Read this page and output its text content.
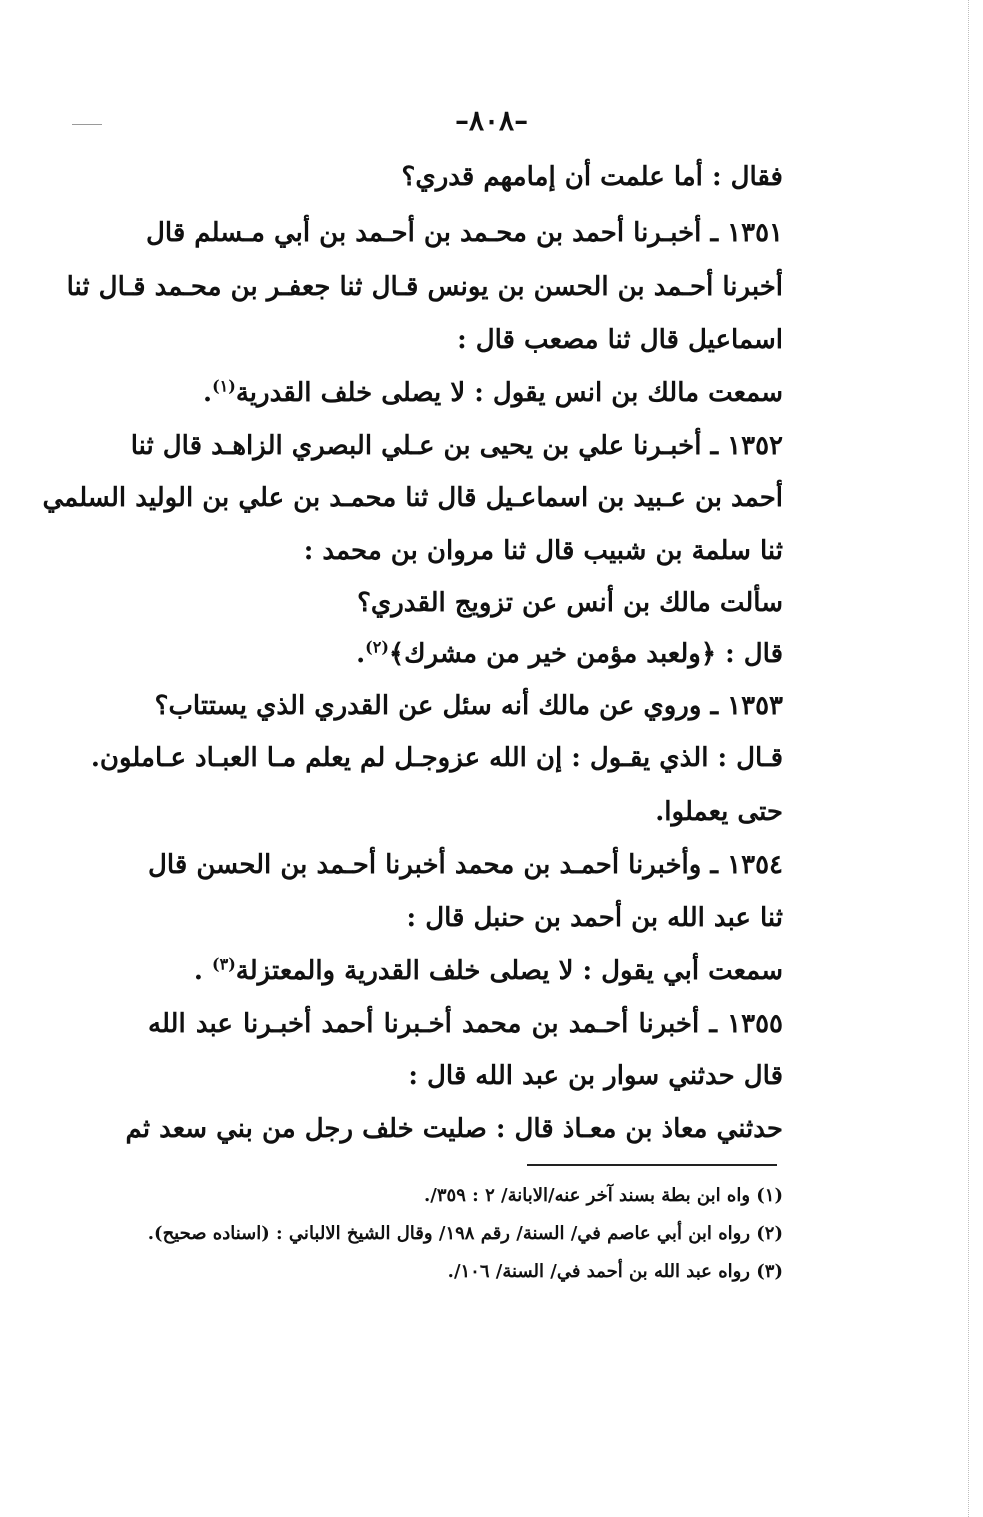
–٨٠٨–
فقال : أما علمت أن إمامهم قدري؟
١٣٥١ ـ أخبـرنا أحمد بن محـمد بن أحـمد بن أبي مـسلم قال
أخبرنا أحـمد بن الحسن بن يونس قـال ثنا جعفـر بن محـمد قـال ثنا
اسماعيل قال ثنا مصعب قال :
سمعت مالك بن انس يقول : لا يصلى خلف القدرية$^{(١)}$.
١٣٥٢ ـ أخبـرنا علي بن يحيى بن عـلي البصري الزاهـد قال ثنا
أحمد بن عـبيد بن اسماعـيل قال ثنا محمـد بن علي بن الوليد السلمي
ثنا سلمة بن شبيب قال ثنا مروان بن محمد :
سألت مالك بن أنس عن تزويج القدري؟
قال : ﴿ولعبد مؤمن خير من مشرك﴾$^{(٢)}$.
١٣٥٣ ـ وروي عن مالك أنه سئل عن القدري الذي يستتاب؟
قـال : الذي يقـول : إن الله عزوجـل لم يعلم مـا العبـاد عـاملون.
حتى يعملوا.
١٣٥٤ ـ وأخبرنا أحمـد بن محمد أخبرنا أحـمد بن الحسن قال
ثنا عبد الله بن أحمد بن حنبل قال :
سمعت أبي يقول : لا يصلى خلف القدرية والمعتزلة$^{(٣)}$ .
١٣٥٥ ـ أخبرنا أحـمد بن محمد أخـبرنا أحمد أخبـرنا عبد الله
قال حدثني سوار بن عبد الله قال :
حدثني معاذ بن معـاذ قال : صليت خلف رجل من بني سعد ثم
(١) واه ابن بطة بسند آخر عنه/الابانة/ ٢ : ٣٥٩/.
(٢) رواه ابن أبي عاصم في/ السنة/ رقم ١٩٨/ وقال الشيخ الالباني : (اسناده صحيح).
(٣) رواه عبد الله بن أحمد في/ السنة/ ١٠٦/.
